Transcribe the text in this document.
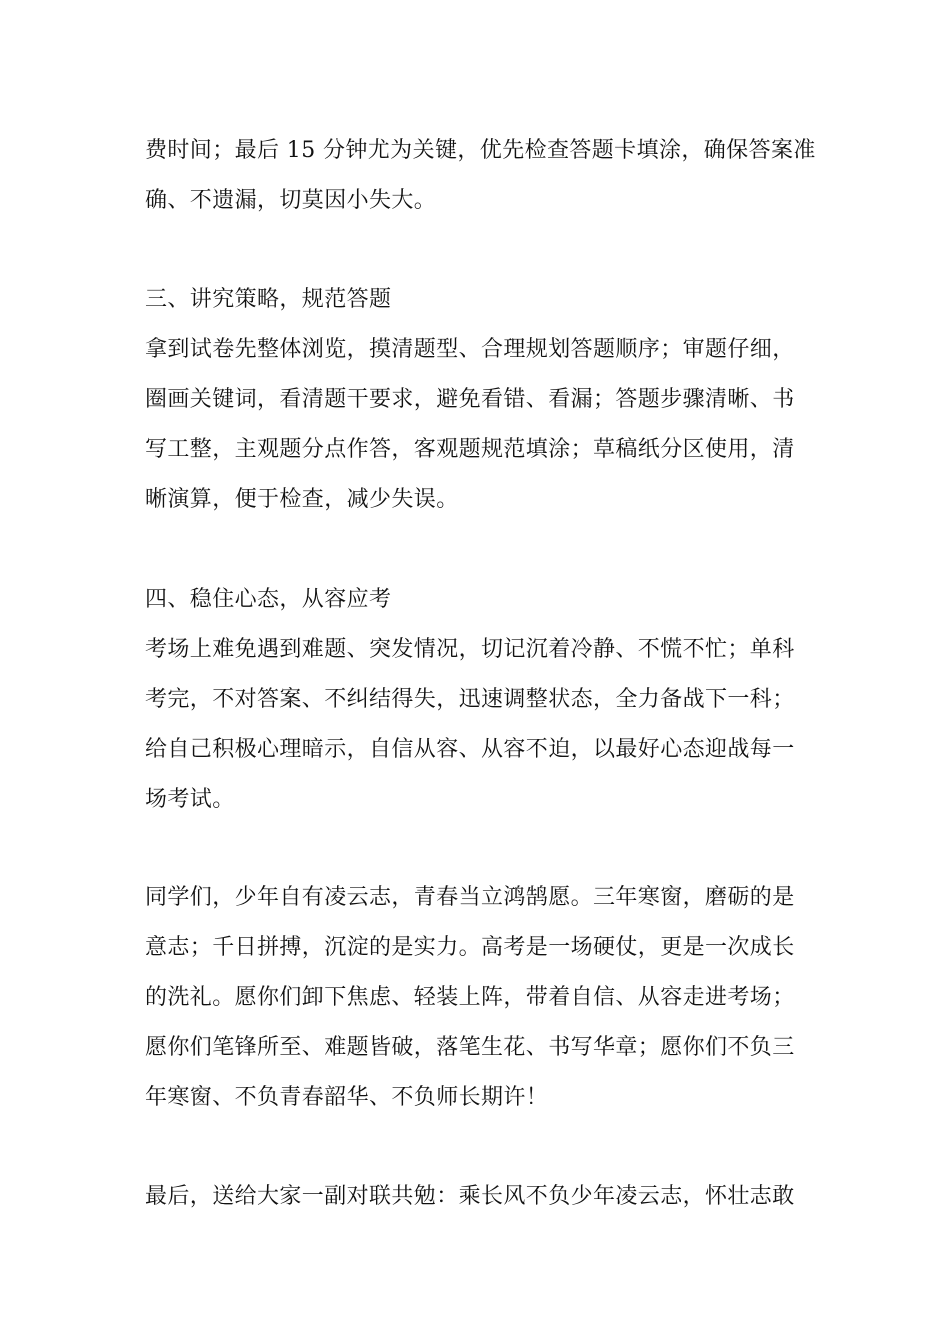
费时间；最后 15 分钟尤为关键，优先检查答题卡填涂，确保答案准
确、不遗漏，切莫因小失大。
三、讲究策略，规范答题
拿到试卷先整体浏览，摸清题型、合理规划答题顺序；审题仔细，
圈画关键词，看清题干要求，避免看错、看漏；答题步骤清晰、书
写工整，主观题分点作答，客观题规范填涂；草稿纸分区使用，清
晰演算，便于检查，减少失误。
四、稳住心态，从容应考
考场上难免遇到难题、突发情况，切记沉着冷静、不慌不忙；单科
考完，不对答案、不纠结得失，迅速调整状态，全力备战下一科；
给自己积极心理暗示，自信从容、从容不迫，以最好心态迎战每一
场考试。
同学们，少年自有凌云志，青春当立鸿鹄愿。三年寒窗，磨砺的是
意志；千日拼搏，沉淀的是实力。高考是一场硬仗，更是一次成长
的洗礼。愿你们卸下焦虑、轻装上阵，带着自信、从容走进考场；
愿你们笔锋所至、难题皆破，落笔生花、书写华章；愿你们不负三
年寒窗、不负青春韶华、不负师长期许！
最后，送给大家一副对联共勉：乘长风不负少年凌云志，怀壮志敢
